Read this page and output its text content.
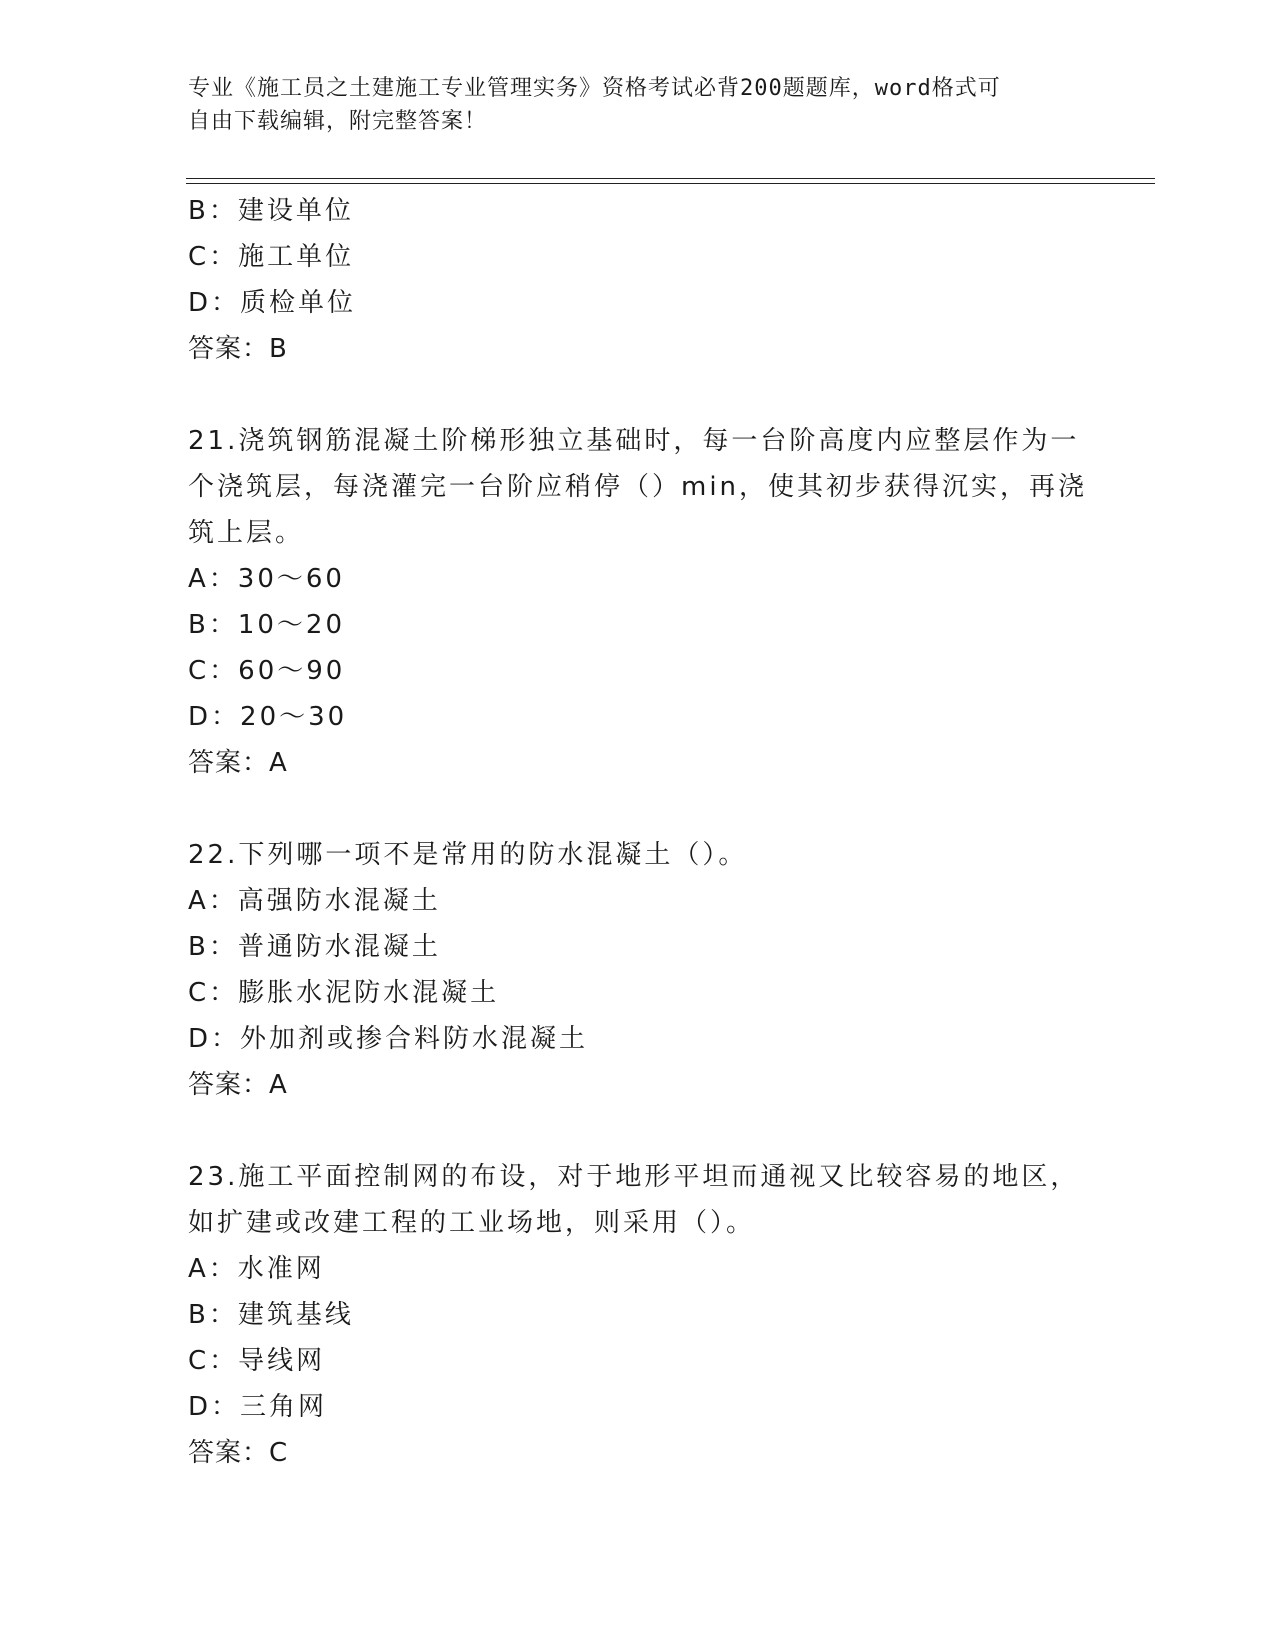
专业《施工员之土建施工专业管理实务》资格考试必背200题题库，word格式可
自由下载编辑，附完整答案！
B：建设单位
C：施工单位
D：质检单位
答案：B
21.浇筑钢筋混凝土阶梯形独立基础时，每一台阶高度内应整层作为一
个浇筑层，每浇灌完一台阶应稍停（）min，使其初步获得沉实，再浇
筑上层。
A：30～60
B：10～20
C：60～90
D：20～30
答案：A
22.下列哪一项不是常用的防水混凝土（）。
A：高强防水混凝土
B：普通防水混凝土
C：膨胀水泥防水混凝土
D：外加剂或掺合料防水混凝土
答案：A
23.施工平面控制网的布设，对于地形平坦而通视又比较容易的地区，
如扩建或改建工程的工业场地，则采用（）。
A：水准网
B：建筑基线
C：导线网
D：三角网
答案：C
